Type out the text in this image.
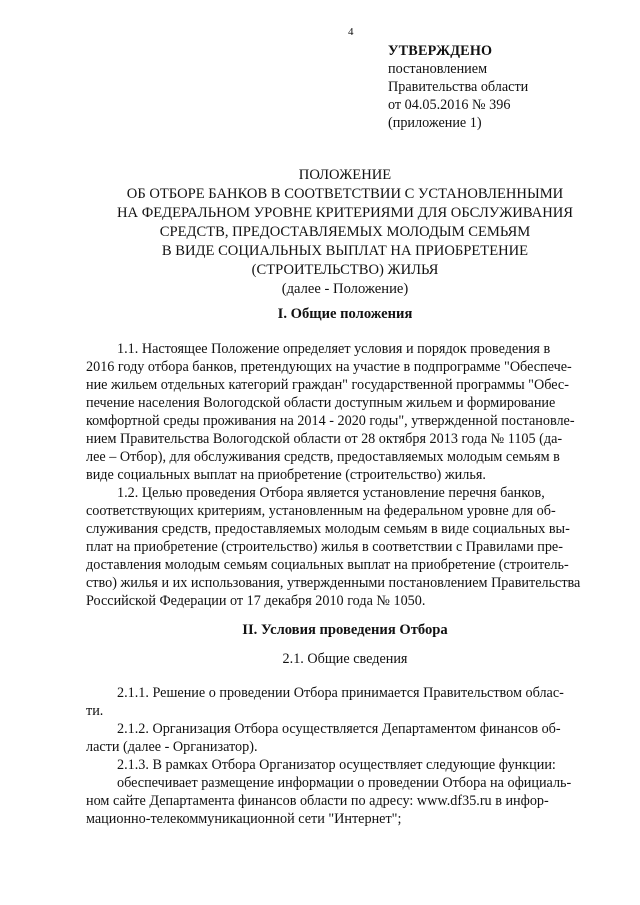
4
УТВЕРЖДЕНО
постановлением
Правительства области
от 04.05.2016 № 396
(приложение 1)
ПОЛОЖЕНИЕ
ОБ ОТБОРЕ БАНКОВ В СООТВЕТСТВИИ С УСТАНОВЛЕННЫМИ
НА ФЕДЕРАЛЬНОМ УРОВНЕ КРИТЕРИЯМИ ДЛЯ ОБСЛУЖИВАНИЯ
СРЕДСТВ, ПРЕДОСТАВЛЯЕМЫХ МОЛОДЫМ СЕМЬЯМ
В ВИДЕ СОЦИАЛЬНЫХ ВЫПЛАТ НА ПРИОБРЕТЕНИЕ
(СТРОИТЕЛЬСТВО) ЖИЛЬЯ
(далее - Положение)
I. Общие положения
1.1. Настоящее Положение определяет условия и порядок проведения в
2016 году отбора банков, претендующих на участие в подпрограмме "Обеспече-
ние жильем отдельных категорий граждан" государственной программы "Обес-
печение населения Вологодской области доступным жильем и формирование
комфортной среды проживания на 2014 - 2020 годы", утвержденной постановле-
нием Правительства Вологодской области от 28 октября 2013 года № 1105 (да-
лее – Отбор), для обслуживания средств, предоставляемых молодым семьям в
виде социальных выплат на приобретение (строительство) жилья.
1.2. Целью проведения Отбора является установление перечня банков,
соответствующих критериям, установленным на федеральном уровне для об-
служивания средств, предоставляемых молодым семьям в виде социальных вы-
плат на приобретение (строительство) жилья в соответствии с Правилами пре-
доставления молодым семьям социальных выплат на приобретение (строитель-
ство) жилья и их использования, утвержденными постановлением Правительства
Российской Федерации от 17 декабря 2010 года № 1050.
II. Условия проведения Отбора
2.1. Общие сведения
2.1.1. Решение о проведении Отбора принимается Правительством облас-
ти.
2.1.2. Организация Отбора осуществляется Департаментом финансов об-
ласти (далее - Организатор).
2.1.3. В рамках Отбора Организатор осуществляет следующие функции:
обеспечивает размещение информации о проведении Отбора на официаль-
ном сайте Департамента финансов области по адресу: www.df35.ru в инфор-
мационно-телекоммуникационной сети "Интернет";
